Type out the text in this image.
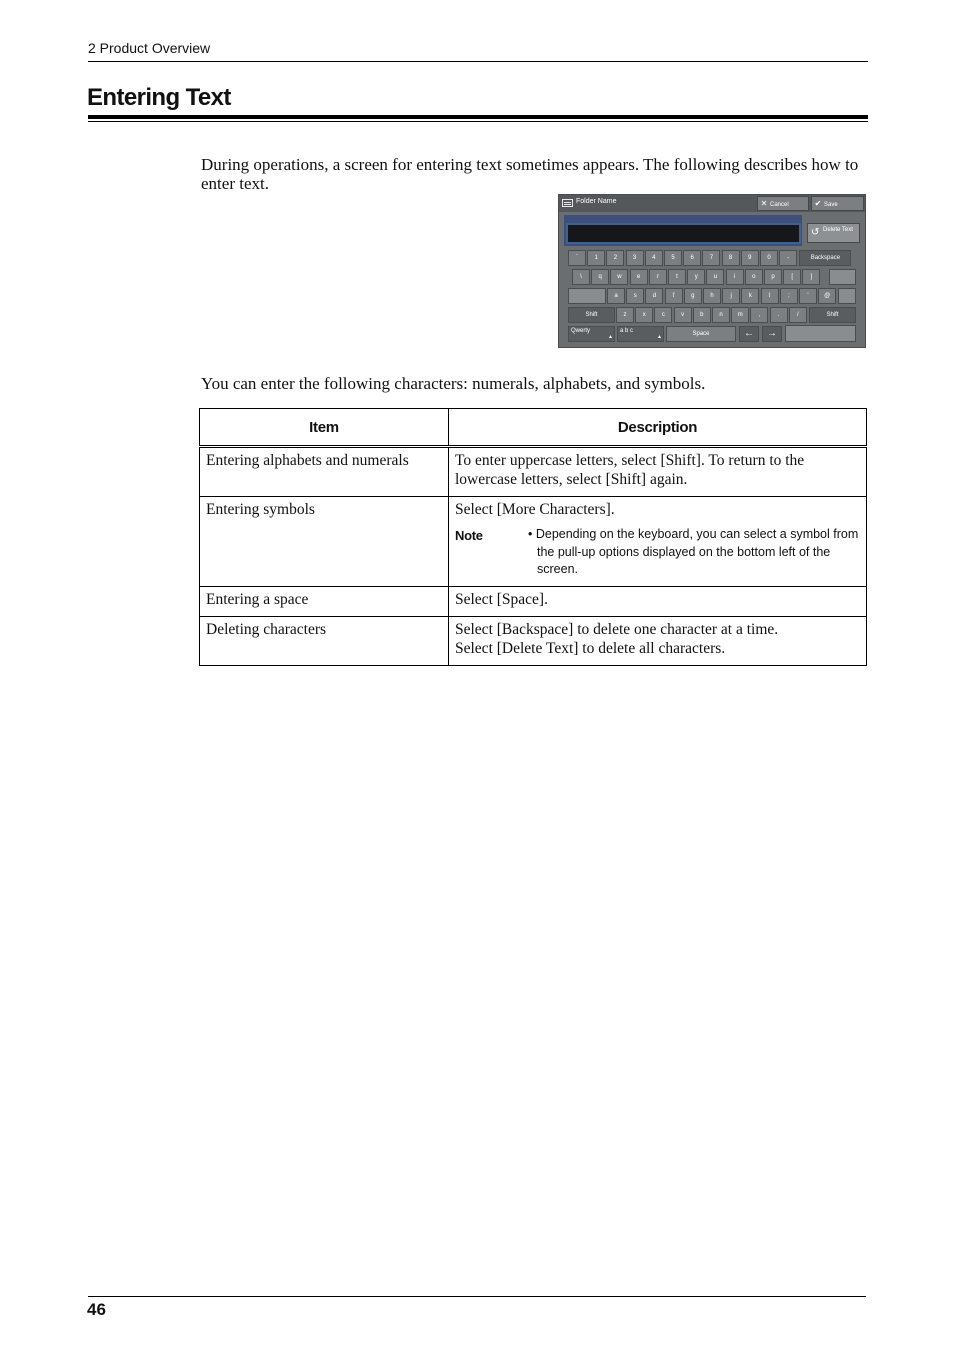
2 Product Overview
Entering Text
During operations, a screen for entering text sometimes appears. The following describes how to enter text.
Folder Name	✕ Cancel	✔ Save
↺ Delete Text
`	1	2	3	4	5	6	7	8	9	0	-	Backspace
\	q	w	e	r	t	y	u	i	o	p	[	]
a	s	d	f	g	h	j	k	l	;	'	@
Shift	z	x	c	v	b	n	m	,	.	/	Shift
Qwerty
▲
a b c
▲	Space	←	→
You can enter the following characters: numerals, alphabets, and symbols.
Item	Description
Entering alphabets and numerals	To enter uppercase letters, select [Shift]. To return to the lowercase letters, select [Shift] again.
Entering symbols	Select [More Characters].
Note • Depending on the keyboard, you can select a symbol from the pull-up options displayed on the bottom left of the screen.

Entering a space	Select [Space].
Deleting characters	Select [Backspace] to delete one character at a time.
Select [Delete Text] to delete all characters.
46
